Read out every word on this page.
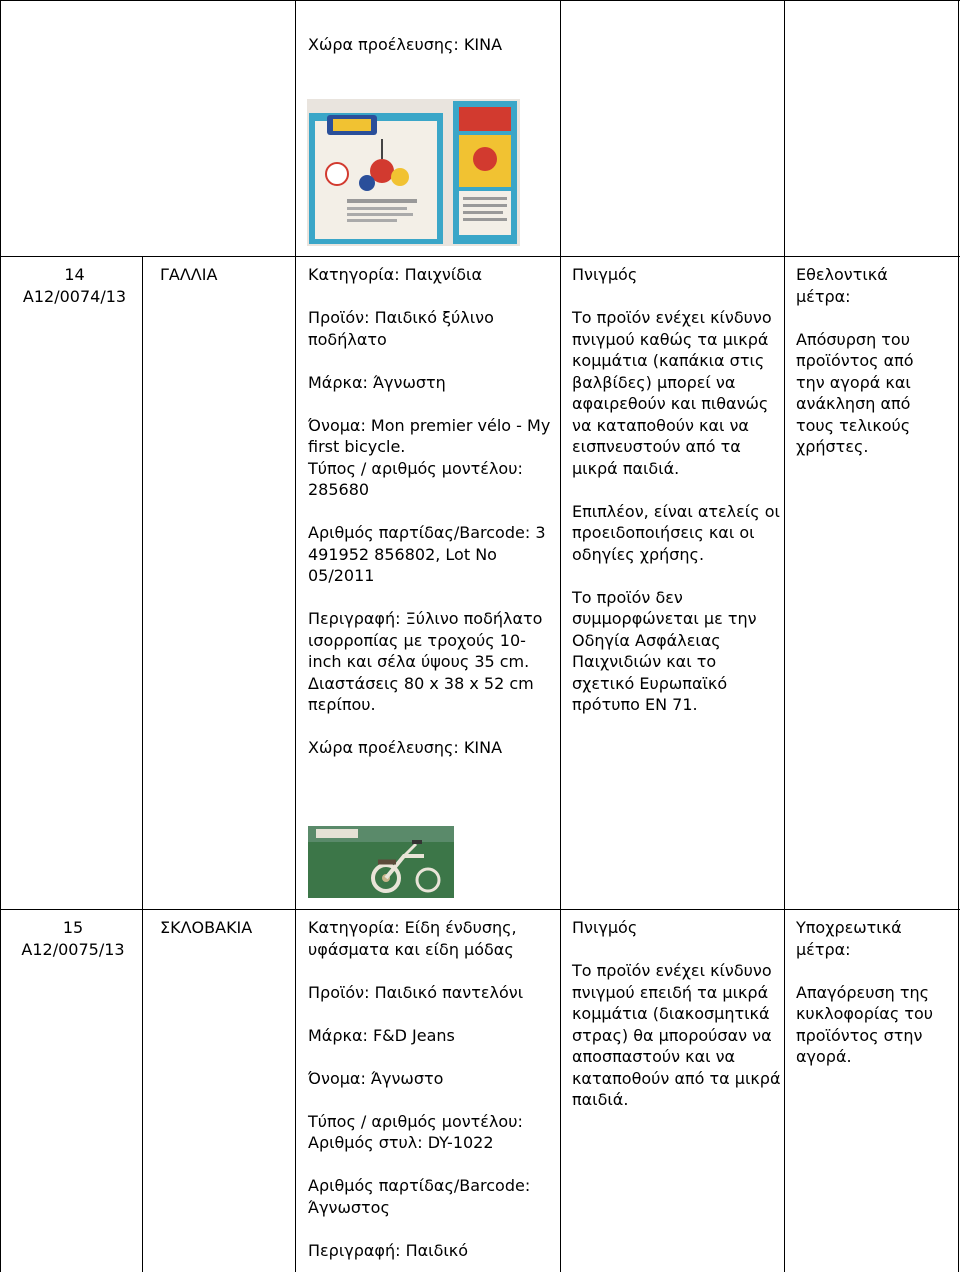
Χώρα προέλευσης: ΚΙΝΑ

14
A12/0074/13
ΓΑΛΛΙΑ	Κατηγορία: Παιχνίδια

Προϊόν: Παιδικό ξύλινο ποδήλατο

Μάρκα: Άγνωστη

Όνομα: Mon premier vélo - My first bicycle.

Τύπος / αριθμός μοντέλου: 285680

Αριθμός παρτίδας/Barcode: 3 491952 856802, Lot No 05/2011

Περιγραφή: Ξύλινο ποδήλατο ισορροπίας με τροχούς 10-inch και σέλα ύψους 35 cm. Διαστάσεις 80 x 38 x 52 cm περίπου.

Χώρα προέλευσης: ΚΙΝΑ

Πνιγμός

Το προϊόν ενέχει κίνδυνο πνιγμού καθώς τα μικρά κομμάτια (καπάκια στις βαλβίδες) μπορεί να αφαιρεθούν και πιθανώς να καταποθούν και να εισπνευστούν από τα μικρά παιδιά.

Επιπλέον, είναι ατελείς οι προειδοποιήσεις και οι οδηγίες χρήσης.

Το προϊόν δεν συμμορφώνεται με την Οδηγία Ασφάλειας Παιχνιδιών και το σχετικό Ευρωπαϊκό πρότυπο ΕΝ 71.

Εθελοντικά μέτρα:

Απόσυρση του προϊόντος από την αγορά και ανάκληση από τους τελικούς χρήστες.

15
A12/0075/13
ΣΚΛΟΒΑΚΙΑ	Κατηγορία: Είδη ένδυσης, υφάσματα και είδη μόδας

Προϊόν: Παιδικό παντελόνι

Μάρκα: F&D Jeans

Όνομα: Άγνωστο

Τύπος / αριθμός μοντέλου: Αριθμός στυλ: DY-1022

Αριθμός παρτίδας/Barcode: Άγνωστος

Περιγραφή: Παιδικό

Πνιγμός

Το προϊόν ενέχει κίνδυνο πνιγμού επειδή τα μικρά κομμάτια (διακοσμητικά στρας) θα μπορούσαν να αποσπαστούν και να καταποθούν από τα μικρά παιδιά.

Υποχρεωτικά μέτρα:

Απαγόρευση της κυκλοφορίας του προϊόντος στην αγορά.
